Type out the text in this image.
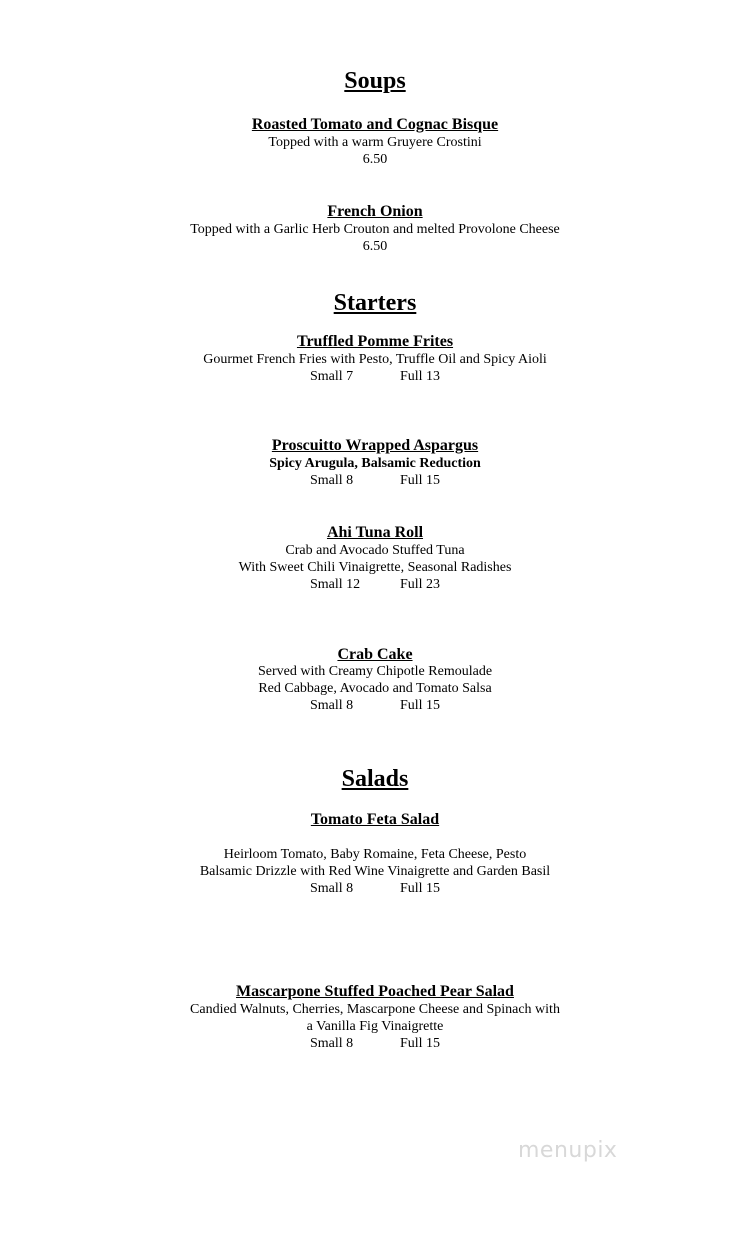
Soups
Roasted Tomato and Cognac Bisque
Topped with a warm Gruyere Crostini
6.50
French Onion
Topped with a Garlic Herb Crouton and melted Provolone Cheese
6.50
Starters
Truffled Pomme Frites
Gourmet French Fries with Pesto, Truffle Oil and Spicy Aioli
Small 7	Full 13
Proscuitto Wrapped Aspargus
Spicy Arugula, Balsamic Reduction
Small 8	Full 15
Ahi Tuna Roll
Crab and Avocado Stuffed Tuna
With Sweet Chili Vinaigrette, Seasonal Radishes
Small 12	Full 23
Crab Cake
Served with Creamy Chipotle Remoulade
Red Cabbage, Avocado and Tomato Salsa
Small 8	Full 15
Salads
Tomato Feta Salad
Heirloom Tomato, Baby Romaine, Feta Cheese, Pesto
Balsamic Drizzle with Red Wine Vinaigrette and Garden Basil
Small 8	Full 15
Mascarpone Stuffed Poached Pear Salad
Candied Walnuts, Cherries, Mascarpone Cheese and Spinach with
a Vanilla Fig Vinaigrette
Small 8	Full 15
menupix
